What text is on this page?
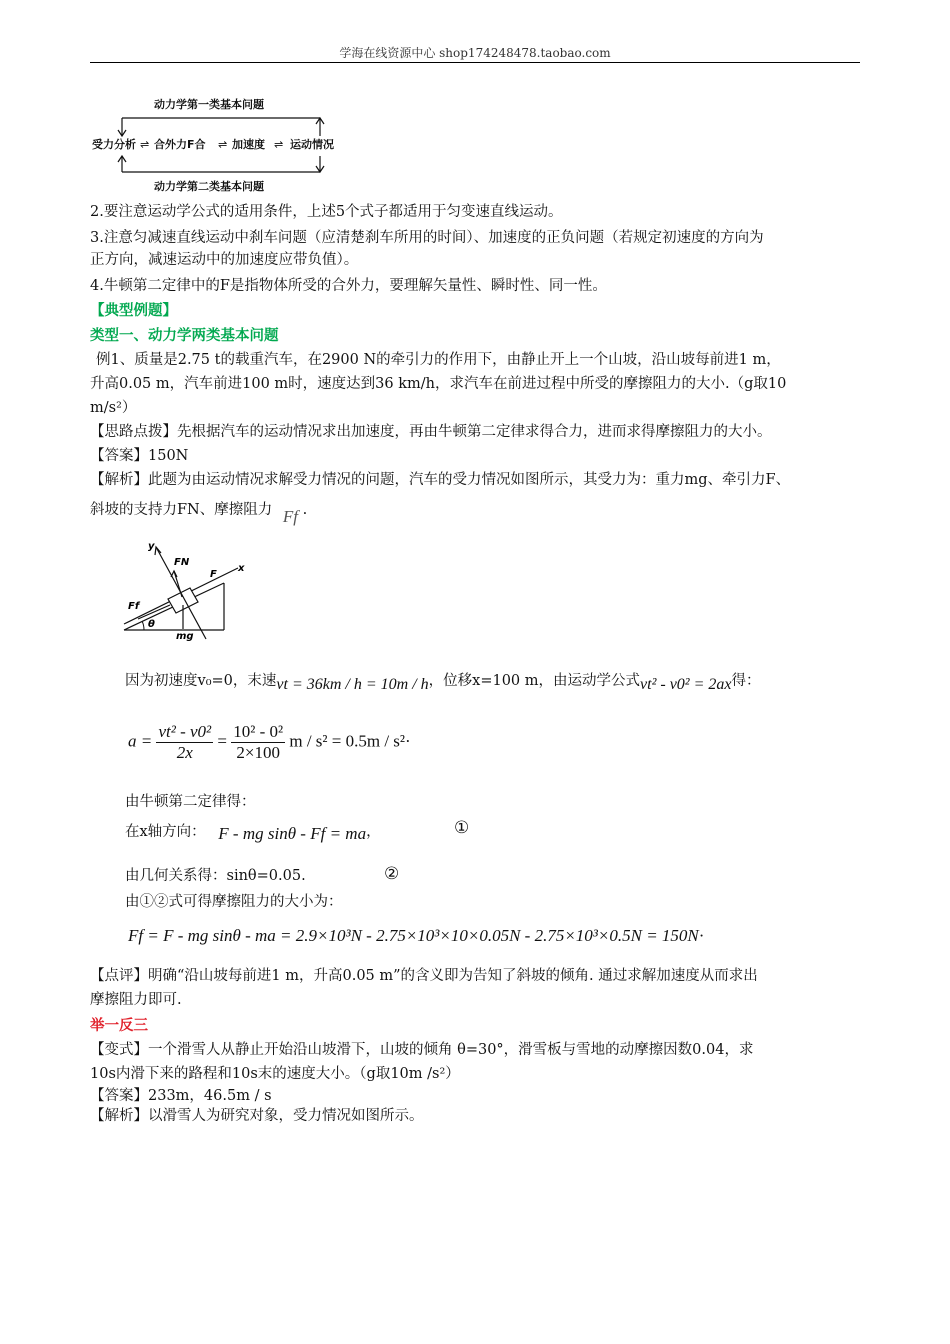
学海在线资源中心 shop174248478.taobao.com
动力学第一类基本问题
受力分析 ⇌ 合外力F合 ⇌ 加速度 ⇌ 运动情况
动力学第二类基本问题
2.要注意运动学公式的适用条件，上述5个式子都适用于匀变速直线运动。
3.注意匀减速直线运动中刹车问题（应清楚刹车所用的时间）、加速度的正负问题（若规定初速度的方向为
正方向，减速运动中的加速度应带负值）。
4.牛顿第二定律中的F是指物体所受的合外力，要理解矢量性、瞬时性、同一性。
【典型例题】
类型一、动力学两类基本问题
例1、质量是2.75 t的载重汽车，在2900 N的牵引力的作用下，由静止开上一个山坡，沿山坡每前进1 m，
升高0.05 m，汽车前进100 m时，速度达到36 km/h，求汽车在前进过程中所受的摩擦阻力的大小.（g取10
m/s²）
【思路点拨】先根据汽车的运动情况求出加速度，再由牛顿第二定律求得合力，进而求得摩擦阻力的大小。
【答案】150N
【解析】此题为由运动情况求解受力情况的问题，汽车的受力情况如图所示，其受力为：重力mg、牵引力F、
斜坡的支持力FN、摩擦阻力 Ff .
y
FN
F
x
Ff
θ
mg
因为初速度v₀=0，末速vt = 36km / h = 10m / h，位移x=100 m，由运动学公式vt² - v0² = 2ax得：
$a = \frac{\text{vt² - v0²}}{2x} = \frac{\text{10² - 0²}}{2\times 100}$ m / s² = 0.5m / s²·
由牛顿第二定律得：
在x轴方向： F - mg sinθ - Ff = ma，	①
由几何关系得：sinθ=0.05.	②
由①②式可得摩擦阻力的大小为：
Ff = F - mg sinθ - ma = 2.9×10³N - 2.75×10³×10×0.05N - 2.75×10³×0.5N = 150N·
【点评】明确“沿山坡每前进1 m，升高0.05 m”的含义即为告知了斜坡的倾角. 通过求解加速度从而求出
摩擦阻力即可.
举一反三
【变式】一个滑雪人从静止开始沿山坡滑下，山坡的倾角 θ=30°，滑雪板与雪地的动摩擦因数0.04，求
10s内滑下来的路程和10s末的速度大小。（g取10m /s²）
【答案】233m，46.5m / s
【解析】以滑雪人为研究对象，受力情况如图所示。
